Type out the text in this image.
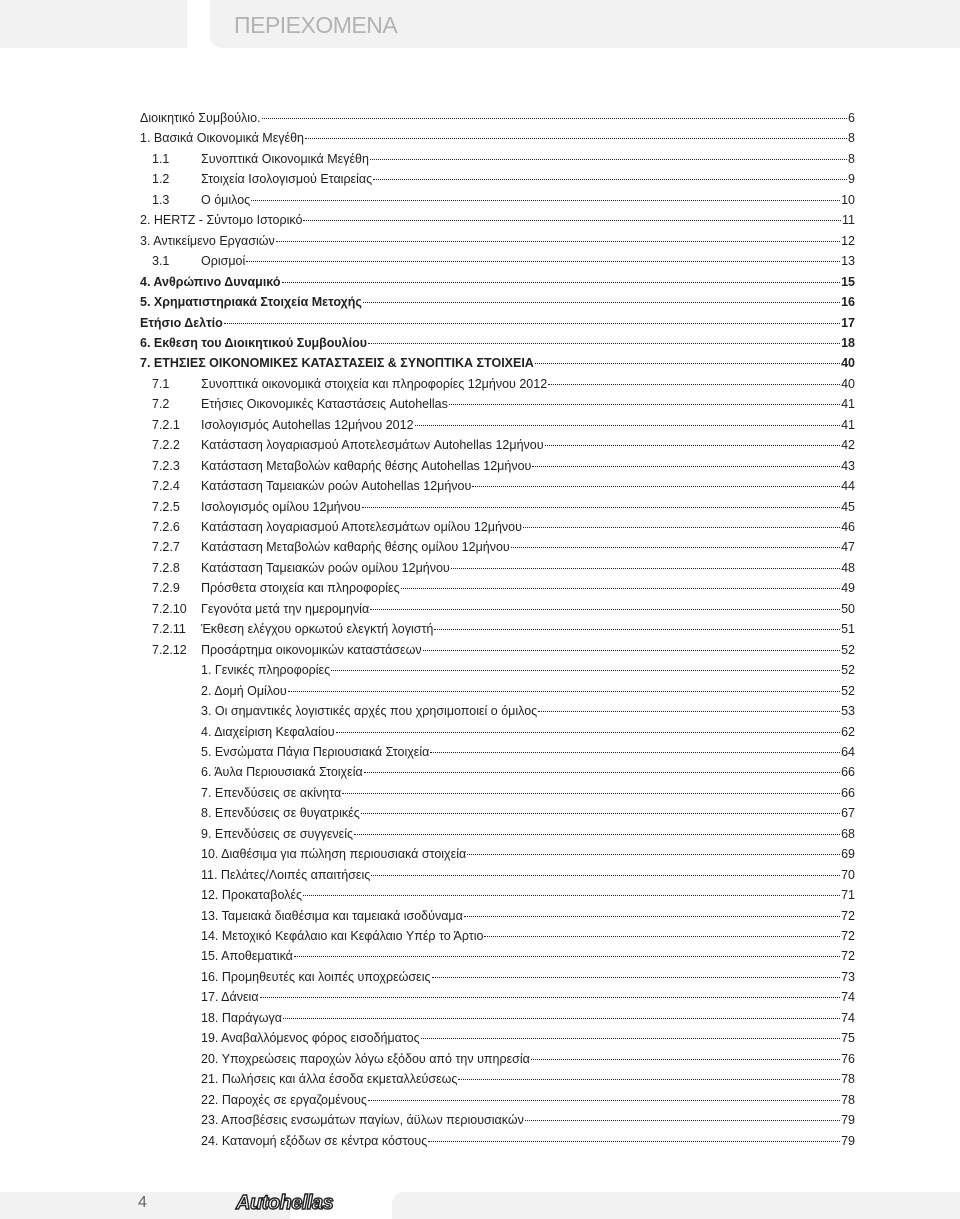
ΠΕΡΙΕΧΟΜΕΝΑ
Διοικητικό Συμβούλιο.	6
1. Βασικά Οικονομικά Μεγέθη	8
1.1	Συνοπτικά Οικονομικά Μεγέθη	8
1.2	Στοιχεία Ισολογισμού Εταιρείας	9
1.3	Ο όμιλος	10
2. HERTZ - Σύντομο Ιστορικό	11
3. Αντικείμενο Εργασιών	12
3.1	Ορισμοί	13
4. Ανθρώπινο Δυναμικό	15
5. Χρηματιστηριακά Στοιχεία Μετοχής	16
Ετήσιο Δελτίο	17
6. Εκθεση του Διοικητικού Συμβουλίου	18
7. ΕΤΗΣΙΕΣ ΟΙΚΟΝΟΜΙΚΕΣ ΚΑΤΑΣΤΑΣΕΙΣ & ΣΥΝΟΠΤΙΚΑ ΣΤΟΙΧΕΙΑ	40
7.1	Συνοπτικά οικονομικά στοιχεία και πληροφορίες 12μήνου 2012	40
7.2	Ετήσιες Οικονομικές Καταστάσεις Autohellas	41
7.2.1	Ισολογισμός Autohellas 12μήνου 2012	41
7.2.2	Κατάσταση λογαριασμού Αποτελεσμάτων Autohellas 12μήνου	42
7.2.3	Κατάσταση Μεταβολών καθαρής θέσης Autohellas 12μήνου	43
7.2.4	Κατάσταση Ταμειακών ροών Autohellas 12μήνου	44
7.2.5	Ισολογισμός ομίλου 12μήνου	45
7.2.6	Κατάσταση λογαριασμού Αποτελεσμάτων ομίλου 12μήνου	46
7.2.7	Κατάσταση Μεταβολών καθαρής θέσης ομίλου 12μήνου	47
7.2.8	Κατάσταση Ταμειακών ροών ομίλου 12μήνου	48
7.2.9	Πρόσθετα στοιχεία και πληροφορίες	49
7.2.10	Γεγονότα μετά την ημερομηνία	50
7.2.11	Έκθεση ελέγχου ορκωτού ελεγκτή λογιστή	51
7.2.12	Προσάρτημα οικονομικών καταστάσεων	52
1. Γενικές πληροφορίες	52
2. Δομή Ομίλου	52
3. Οι σημαντικές λογιστικές αρχές που χρησιμοποιεί ο όμιλος	53
4. Διαχείριση Κεφαλαίου	62
5. Ενσώματα Πάγια Περιουσιακά Στοιχεία	64
6. Άυλα Περιουσιακά Στοιχεία	66
7. Επενδύσεις σε ακίνητα	66
8. Επενδύσεις σε θυγατρικές	67
9. Επενδύσεις σε συγγενείς	68
10. Διαθέσιμα για πώληση περιουσιακά στοιχεία	69
11. Πελάτες/Λοιπές απαιτήσεις	70
12. Προκαταβολές	71
13. Ταμειακά διαθέσιμα και ταμειακά ισοδύναμα	72
14. Μετοχικό Κεφάλαιο και Κεφάλαιο Υπέρ το Άρτιο	72
15. Αποθεματικά	72
16. Προμηθευτές και λοιπές υποχρεώσεις	73
17. Δάνεια	74
18. Παράγωγα	74
19. Αναβαλλόμενος φόρος εισοδήματος	75
20. Υποχρεώσεις παροχών λόγω εξόδου από την υπηρεσία	76
21. Πωλήσεις και άλλα έσοδα εκμεταλλεύσεως	78
22. Παροχές σε εργαζομένους	78
23. Αποσβέσεις ενσωμάτων παγίων, άϋλων περιουσιακών	79
24. Κατανομή εξόδων σε κέντρα κόστους	79
4	Autohellas
